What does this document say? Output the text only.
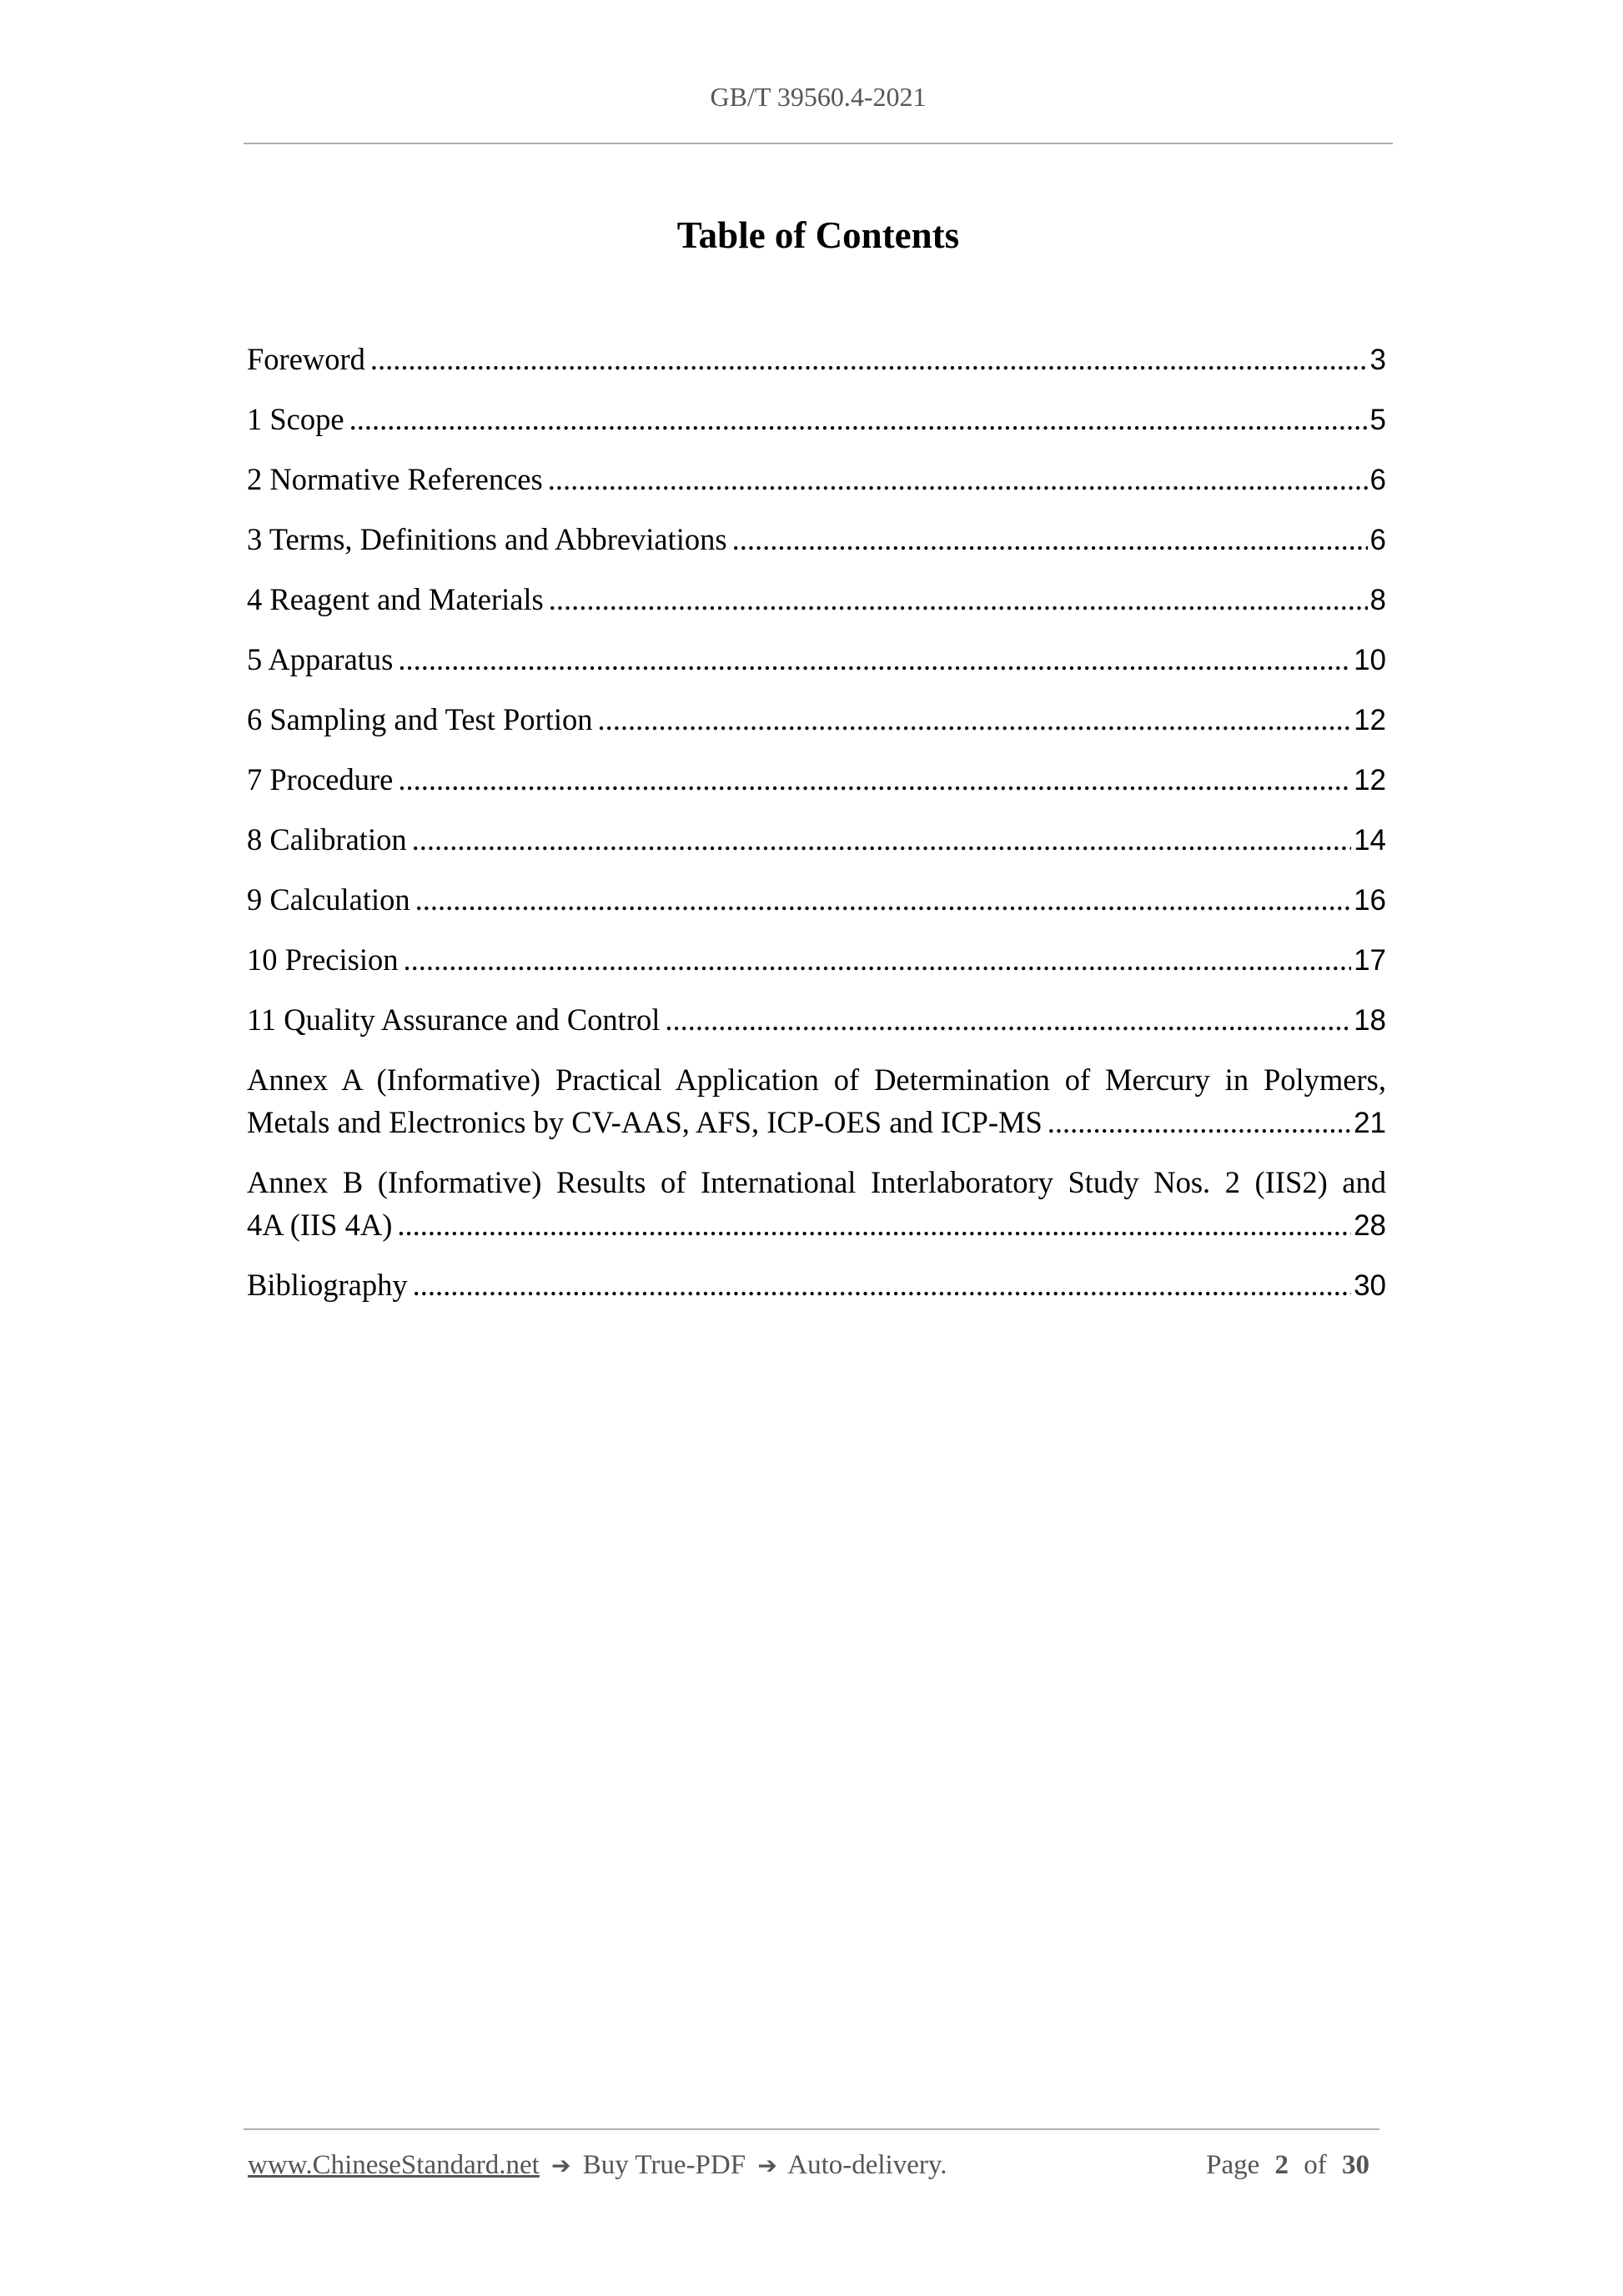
GB/T 39560.4-2021
Table of Contents
Foreword .....	3
1 Scope .....	5
2 Normative References .....	6
3 Terms, Definitions and Abbreviations .....	6
4 Reagent and Materials .....	8
5 Apparatus .....	10
6 Sampling and Test Portion .....	12
7 Procedure .....	12
8 Calibration .....	14
9 Calculation .....	16
10 Precision .....	17
11 Quality Assurance and Control .....	18
Annex A (Informative) Practical Application of Determination of Mercury in Polymers,
Metals and Electronics by CV-AAS, AFS, ICP-OES and ICP-MS .....	21
Annex B (Informative) Results of International Interlaboratory Study Nos. 2 (IIS2) and
4A (IIS 4A) .....	28
Bibliography .....	30
www.ChineseStandard.net ➔ Buy True-PDF ➔ Auto-delivery.	Page 2 of 30
